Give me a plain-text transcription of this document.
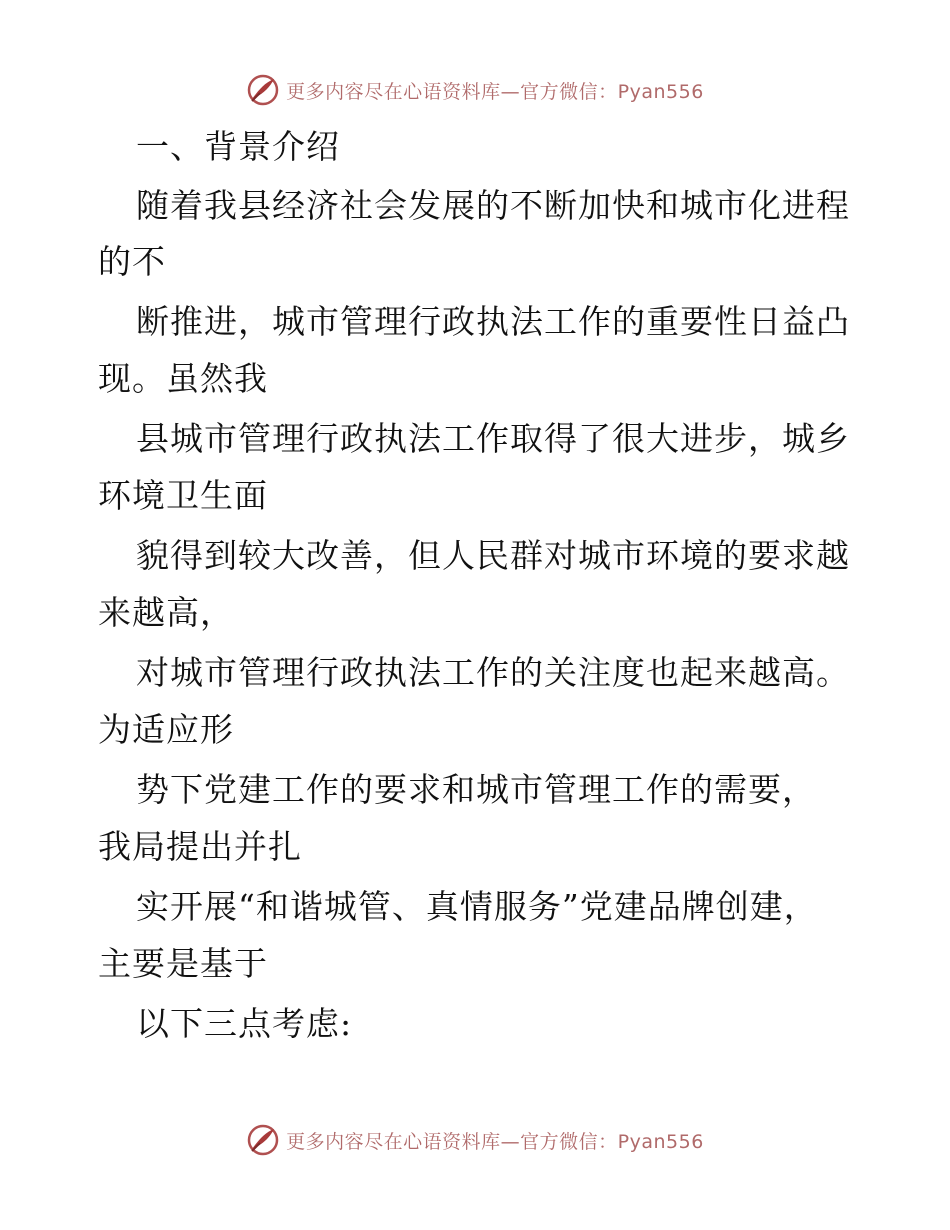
更多内容尽在心语资料库—官方微信：Pyan556
一、背景介绍
随着我县经济社会发展的不断加快和城市化进程
的不
断推进，城市管理行政执法工作的重要性日益凸
现。虽然我
县城市管理行政执法工作取得了很大进步，城乡
环境卫生面
貌得到较大改善，但人民群对城市环境的要求越
来越高，
对城市管理行政执法工作的关注度也起来越高。
为适应形
势下党建工作的要求和城市管理工作的需要，
我局提出并扎
实开展“和谐城管、真情服务”党建品牌创建，
主要是基于
以下三点考虑:
更多内容尽在心语资料库—官方微信：Pyan556
